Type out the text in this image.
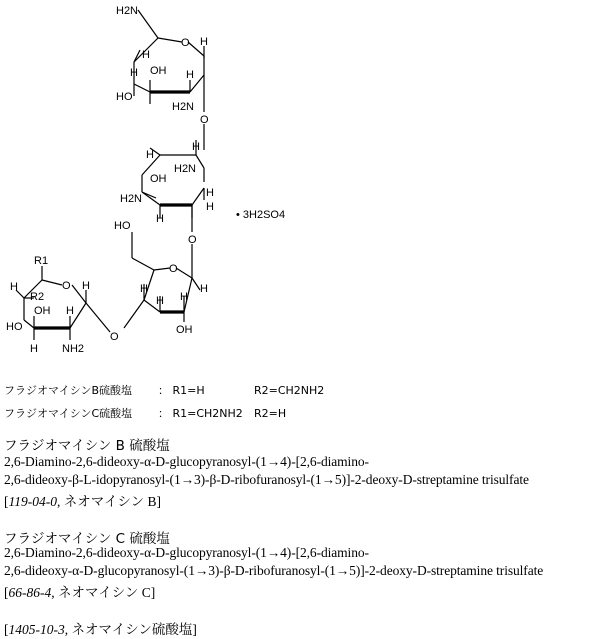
H2N
H
O H
H OH
HO
H
H2N
O
H
H
H2N
OH
H
H2N
H
H
O
HO
O
H
H H
OH
H
R1
R2
O
H	H
OH
HO
H
H NH2
O
• 3H2SO4
フラジオマイシンB硫酸塩 ： R1=H	R2=CH2NH2
フラジオマイシンC硫酸塩 ： R1=CH2NH2 R2=H
フラジオマイシン B 硫酸塩
2,6-Diamino-2,6-dideoxy-α-D-glucopyranosyl-(1→4)-[2,6-diamino-
2,6-dideoxy-β-L-idopyranosyl-(1→3)-β-D-ribofuranosyl-(1→5)]-2-deoxy-D-streptamine trisulfate
[119-04-0, ネオマイシン B]
フラジオマイシン C 硫酸塩
2,6-Diamino-2,6-dideoxy-α-D-glucopyranosyl-(1→4)-[2,6-diamino-
2,6-dideoxy-α-D-glucopyranosyl-(1→3)-β-D-ribofuranosyl-(1→5)]-2-deoxy-D-streptamine trisulfate
[66-86-4, ネオマイシン C]
[1405-10-3, ネオマイシン硫酸塩]
